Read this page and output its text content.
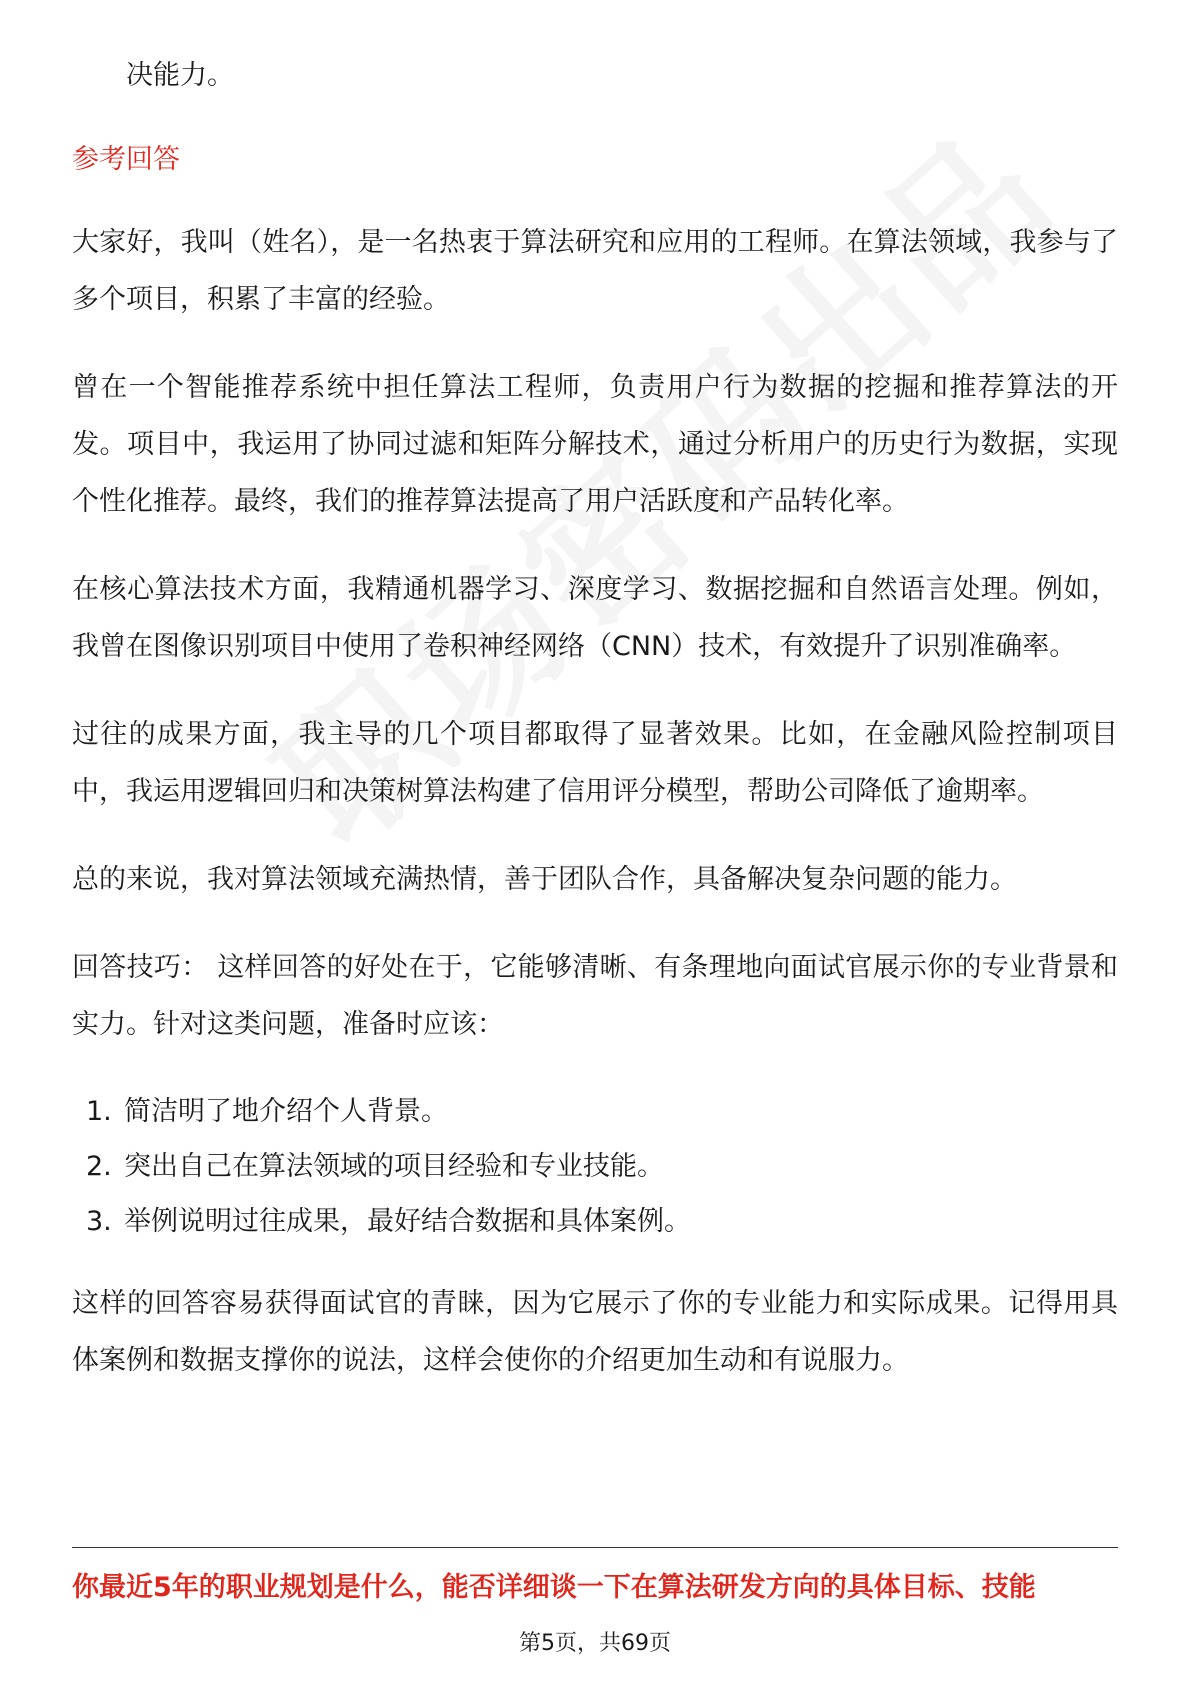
决能力。

参考回答

大家好，我叫（姓名），是一名热衷于算法研究和应用的工程师。在算法领域，我参与了多个项目，积累了丰富的经验。

曾在一个智能推荐系统中担任算法工程师，负责用户行为数据的挖掘和推荐算法的开发。项目中，我运用了协同过滤和矩阵分解技术，通过分析用户的历史行为数据，实现个性化推荐。最终，我们的推荐算法提高了用户活跃度和产品转化率。

在核心算法技术方面，我精通机器学习、深度学习、数据挖掘和自然语言处理。例如，我曾在图像识别项目中使用了卷积神经网络（CNN）技术，有效提升了识别准确率。

过往的成果方面，我主导的几个项目都取得了显著效果。比如，在金融风险控制项目中，我运用逻辑回归和决策树算法构建了信用评分模型，帮助公司降低了逾期率。

总的来说，我对算法领域充满热情，善于团队合作，具备解决复杂问题的能力。

回答技巧： 这样回答的好处在于，它能够清晰、有条理地向面试官展示你的专业背景和实力。针对这类问题，准备时应该：

1. 简洁明了地介绍个人背景。
2. 突出自己在算法领域的项目经验和专业技能。
3. 举例说明过往成果，最好结合数据和具体案例。

这样的回答容易获得面试官的青睐，因为它展示了你的专业能力和实际成果。记得用具体案例和数据支撑你的说法，这样会使你的介绍更加生动和有说服力。

你最近5年的职业规划是什么，能否详细谈一下在算法研发方向的具体目标、技能
第5页，共69页
